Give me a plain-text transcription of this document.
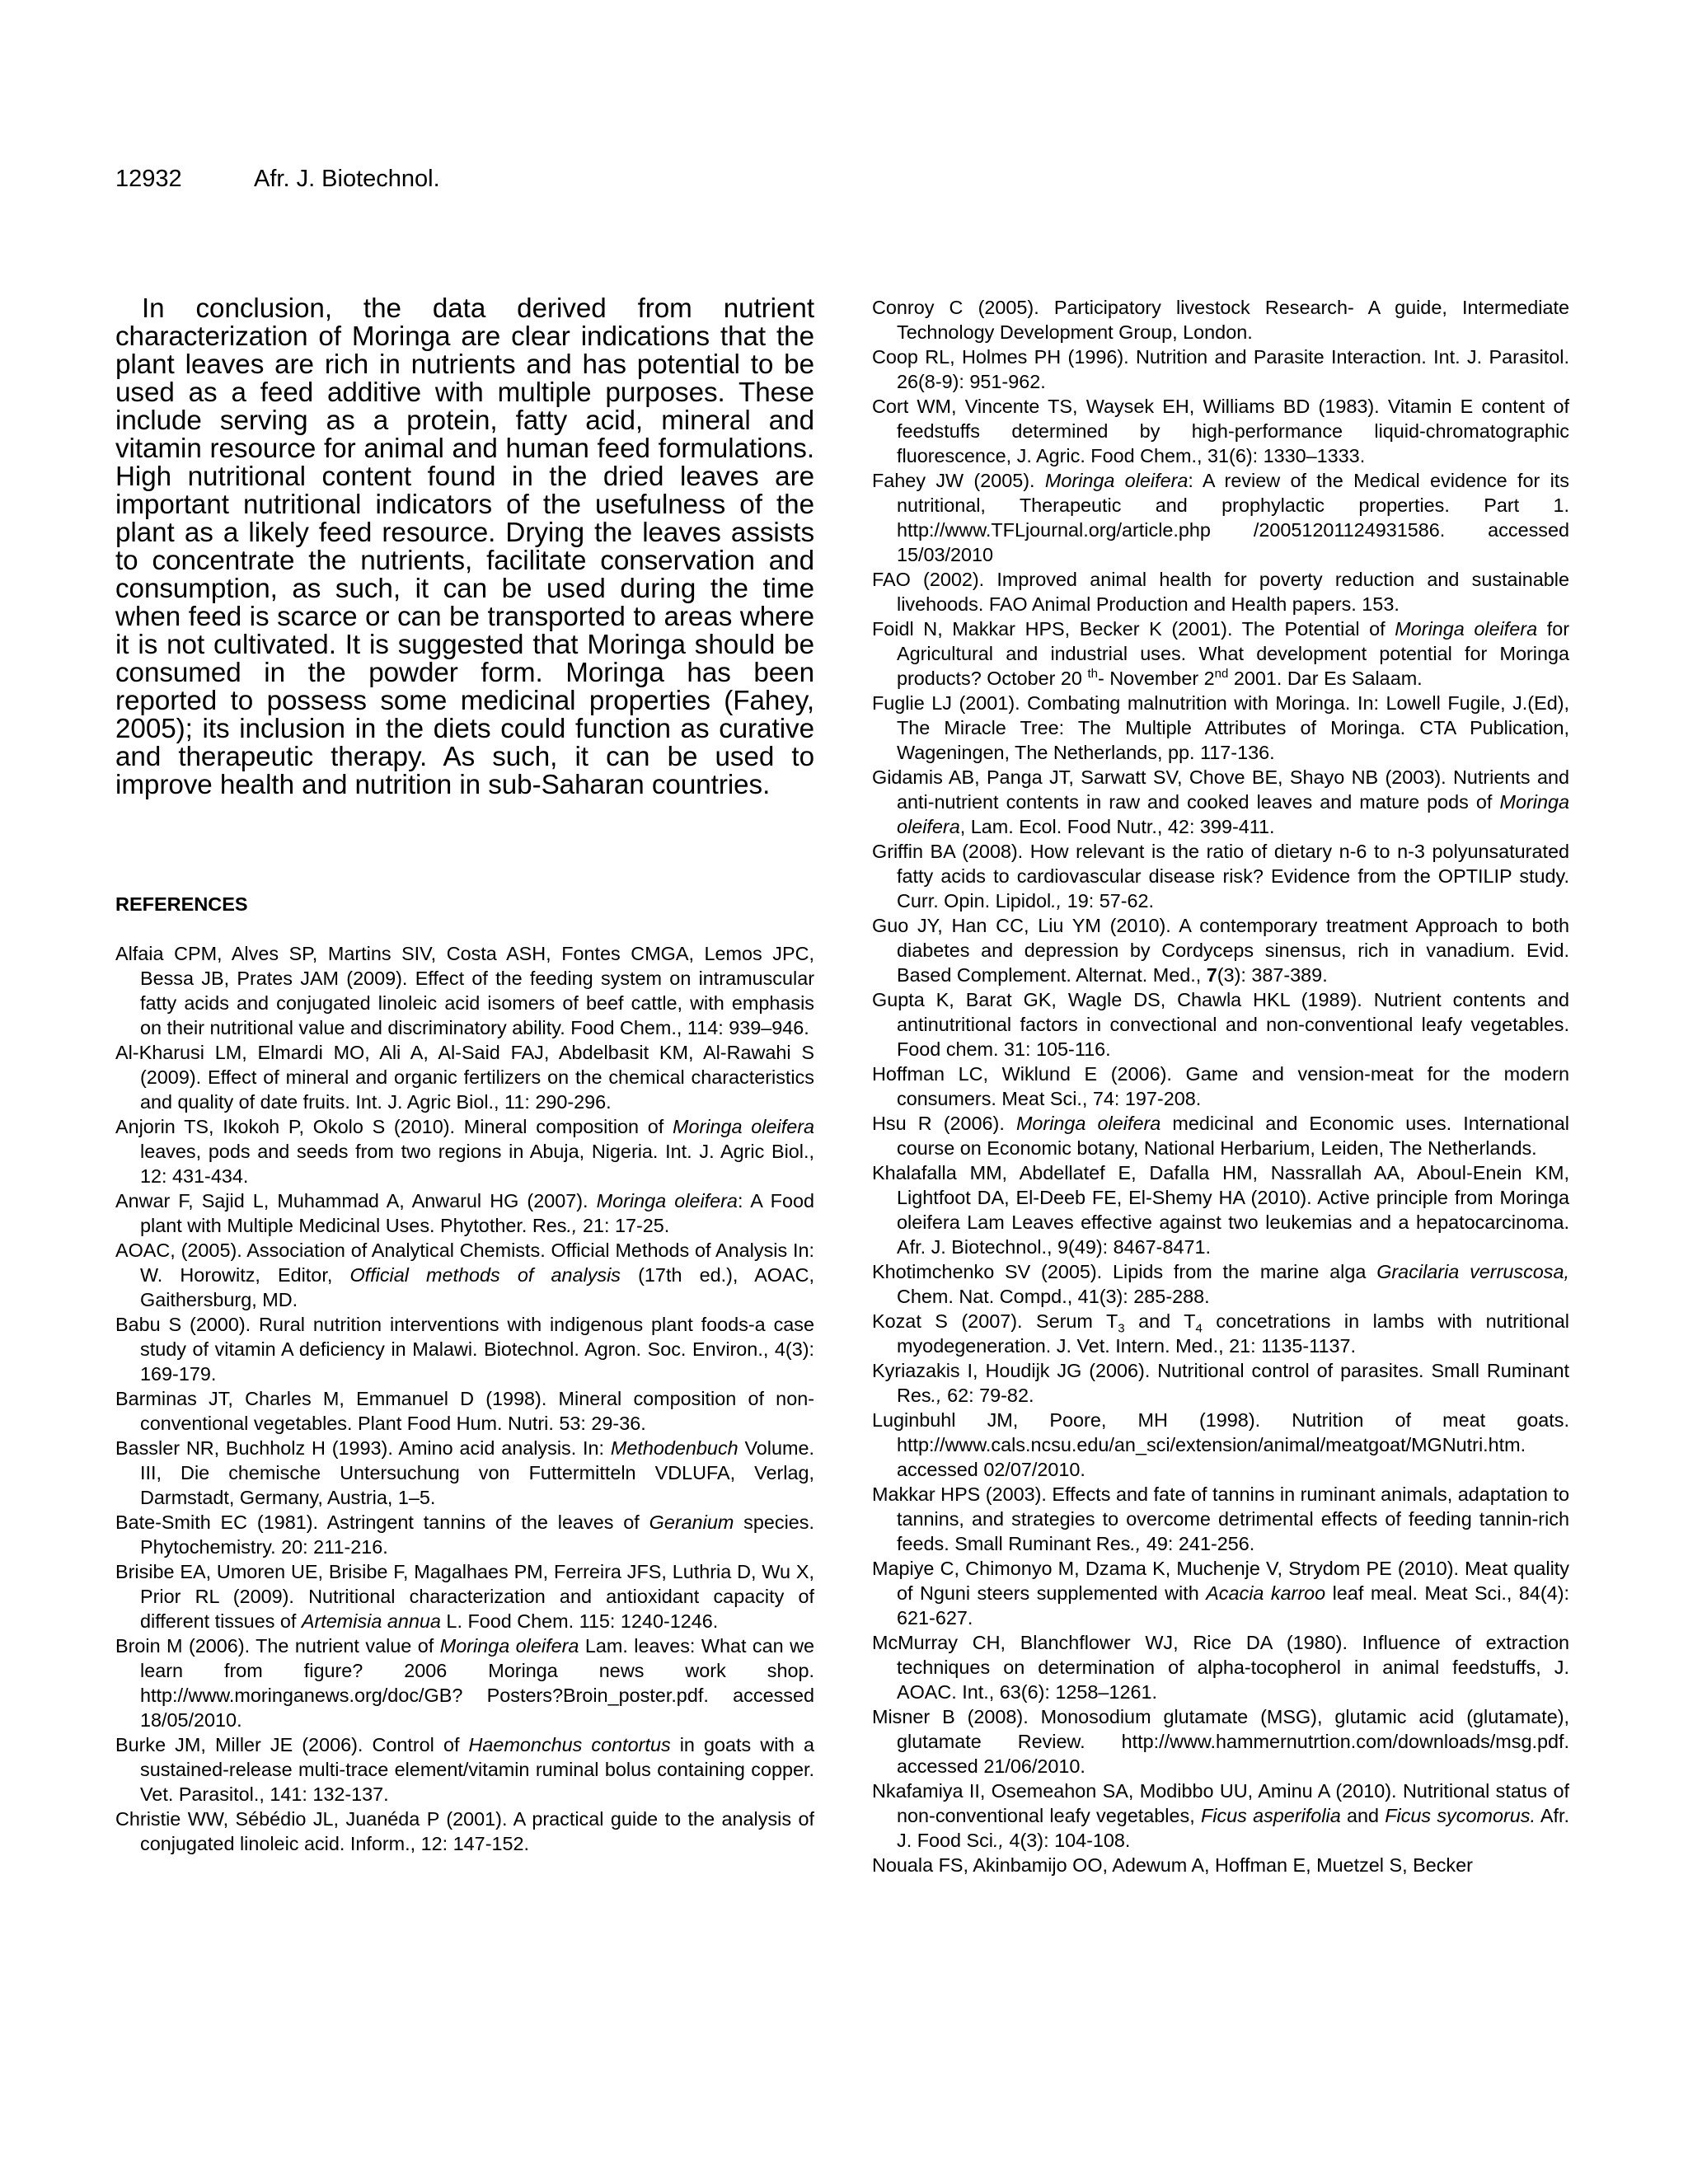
12932	Afr. J. Biotechnol.

In conclusion, the data derived from nutrient characterization of Moringa are clear indications that the plant leaves are rich in nutrients and has potential to be used as a feed additive with multiple purposes. These include serving as a protein, fatty acid, mineral and vitamin resource for animal and human feed formulations. High nutritional content found in the dried leaves are important nutritional indicators of the usefulness of the plant as a likely feed resource. Drying the leaves assists to concentrate the nutrients, facilitate conservation and consumption, as such, it can be used during the time when feed is scarce or can be transported to areas where it is not cultivated. It is suggested that Moringa should be consumed in the powder form. Moringa has been reported to possess some medicinal properties (Fahey, 2005); its inclusion in the diets could function as curative and therapeutic therapy. As such, it can be used to improve health and nutrition in sub-Saharan countries.

REFERENCES

Alfaia CPM, Alves SP, Martins SIV, Costa ASH, Fontes CMGA, Lemos JPC, Bessa JB, Prates JAM (2009). Effect of the feeding system on intramuscular fatty acids and conjugated linoleic acid isomers of beef cattle, with emphasis on their nutritional value and discriminatory ability. Food Chem., 114: 939–946.

Al-Kharusi LM, Elmardi MO, Ali A, Al-Said FAJ, Abdelbasit KM, Al-Rawahi S (2009). Effect of mineral and organic fertilizers on the chemical characteristics and quality of date fruits. Int. J. Agric Biol., 11: 290-296.

Anjorin TS, Ikokoh P, Okolo S (2010). Mineral composition of Moringa oleifera leaves, pods and seeds from two regions in Abuja, Nigeria. Int. J. Agric Biol., 12: 431-434.

Anwar F, Sajid L, Muhammad A, Anwarul HG (2007). Moringa oleifera: A Food plant with Multiple Medicinal Uses. Phytother. Res., 21: 17-25.

AOAC, (2005). Association of Analytical Chemists. Official Methods of Analysis In: W. Horowitz, Editor, Official methods of analysis (17th ed.), AOAC, Gaithersburg, MD.

Babu S (2000). Rural nutrition interventions with indigenous plant foods-a case study of vitamin A deficiency in Malawi. Biotechnol. Agron. Soc. Environ., 4(3): 169-179.

Barminas JT, Charles M, Emmanuel D (1998). Mineral composition of non-conventional vegetables. Plant Food Hum. Nutri. 53: 29-36.

Bassler NR, Buchholz H (1993). Amino acid analysis. In: Methodenbuch Volume. III, Die chemische Untersuchung von Futtermitteln VDLUFA, Verlag, Darmstadt, Germany, Austria, 1–5.

Bate-Smith EC (1981). Astringent tannins of the leaves of Geranium species. Phytochemistry. 20: 211-216.

Brisibe EA, Umoren UE, Brisibe F, Magalhaes PM, Ferreira JFS, Luthria D, Wu X, Prior RL (2009). Nutritional characterization and antioxidant capacity of different tissues of Artemisia annua L. Food Chem. 115: 1240-1246.

Broin M (2006). The nutrient value of Moringa oleifera Lam. leaves: What can we learn from figure? 2006 Moringa news work shop. http://www.moringanews.org/doc/GB? Posters?Broin_poster.pdf. accessed 18/05/2010.

Burke JM, Miller JE (2006). Control of Haemonchus contortus in goats with a sustained-release multi-trace element/vitamin ruminal bolus containing copper. Vet. Parasitol., 141: 132-137.

Christie WW, Sébédio JL, Juanéda P (2001). A practical guide to the analysis of conjugated linoleic acid. Inform., 12: 147-152.

Conroy C (2005). Participatory livestock Research- A guide, Intermediate Technology Development Group, London.

Coop RL, Holmes PH (1996). Nutrition and Parasite Interaction. Int. J. Parasitol. 26(8-9): 951-962.

Cort WM, Vincente TS, Waysek EH, Williams BD (1983). Vitamin E content of feedstuffs determined by high-performance liquid-chromatographic fluorescence, J. Agric. Food Chem., 31(6): 1330–1333.

Fahey JW (2005). Moringa oleifera: A review of the Medical evidence for its nutritional, Therapeutic and prophylactic properties. Part 1. http://www.TFLjournal.org/article.php /20051201124931586. accessed 15/03/2010

FAO (2002). Improved animal health for poverty reduction and sustainable livehoods. FAO Animal Production and Health papers. 153.

Foidl N, Makkar HPS, Becker K (2001). The Potential of Moringa oleifera for Agricultural and industrial uses. What development potential for Moringa products? October 20 $^{th}$- November 2nd 2001. Dar Es Salaam.

Fuglie LJ (2001). Combating malnutrition with Moringa. In: Lowell Fugile, J.(Ed), The Miracle Tree: The Multiple Attributes of Moringa. CTA Publication, Wageningen, The Netherlands, pp. 117-136.

Gidamis AB, Panga JT, Sarwatt SV, Chove BE, Shayo NB (2003). Nutrients and anti-nutrient contents in raw and cooked leaves and mature pods of Moringa oleifera, Lam. Ecol. Food Nutr., 42: 399-411.

Griffin BA (2008). How relevant is the ratio of dietary n-6 to n-3 polyunsaturated fatty acids to cardiovascular disease risk? Evidence from the OPTILIP study. Curr. Opin. Lipidol., 19: 57-62.

Guo JY, Han CC, Liu YM (2010). A contemporary treatment Approach to both diabetes and depression by Cordyceps sinensus, rich in vanadium. Evid. Based Complement. Alternat. Med., 7(3): 387-389.

Gupta K, Barat GK, Wagle DS, Chawla HKL (1989). Nutrient contents and antinutritional factors in convectional and non-conventional leafy vegetables. Food chem. 31: 105-116.

Hoffman LC, Wiklund E (2006). Game and vension-meat for the modern consumers. Meat Sci., 74: 197-208.

Hsu R (2006). Moringa oleifera medicinal and Economic uses. International course on Economic botany, National Herbarium, Leiden, The Netherlands.

Khalafalla MM, Abdellatef E, Dafalla HM, Nassrallah AA, Aboul-Enein KM, Lightfoot DA, El-Deeb FE, El-Shemy HA (2010). Active principle from Moringa oleifera Lam Leaves effective against two leukemias and a hepatocarcinoma. Afr. J. Biotechnol., 9(49): 8467-8471.

Khotimchenko SV (2005). Lipids from the marine alga Gracilaria verruscosa, Chem. Nat. Compd., 41(3): 285-288.

Kozat S (2007). Serum $T_3$ and $T_4$ concetrations in lambs with nutritional myodegeneration. J. Vet. Intern. Med., 21: 1135-1137.

Kyriazakis I, Houdijk JG (2006). Nutritional control of parasites. Small Ruminant Res., 62: 79-82.

Luginbuhl JM, Poore, MH (1998). Nutrition of meat goats. http://www.cals.ncsu.edu/an_sci/extension/animal/meatgoat/MGNutri.htm. accessed 02/07/2010.

Makkar HPS (2003). Effects and fate of tannins in ruminant animals, adaptation to tannins, and strategies to overcome detrimental effects of feeding tannin-rich feeds. Small Ruminant Res., 49: 241-256.

Mapiye C, Chimonyo M, Dzama K, Muchenje V, Strydom PE (2010). Meat quality of Nguni steers supplemented with Acacia karroo leaf meal. Meat Sci., 84(4): 621-627.

McMurray CH, Blanchflower WJ, Rice DA (1980). Influence of extraction techniques on determination of alpha-tocopherol in animal feedstuffs, J. AOAC. Int., 63(6): 1258–1261.

Misner B (2008). Monosodium glutamate (MSG), glutamic acid (glutamate), glutamate Review. http://www.hammernutrtion.com/downloads/msg.pdf. accessed 21/06/2010.

Nkafamiya II, Osemeahon SA, Modibbo UU, Aminu A (2010). Nutritional status of non-conventional leafy vegetables, Ficus asperifolia and Ficus sycomorus. Afr. J. Food Sci., 4(3): 104-108.

Nouala FS, Akinbamijo OO, Adewum A, Hoffman E, Muetzel S, Becker
